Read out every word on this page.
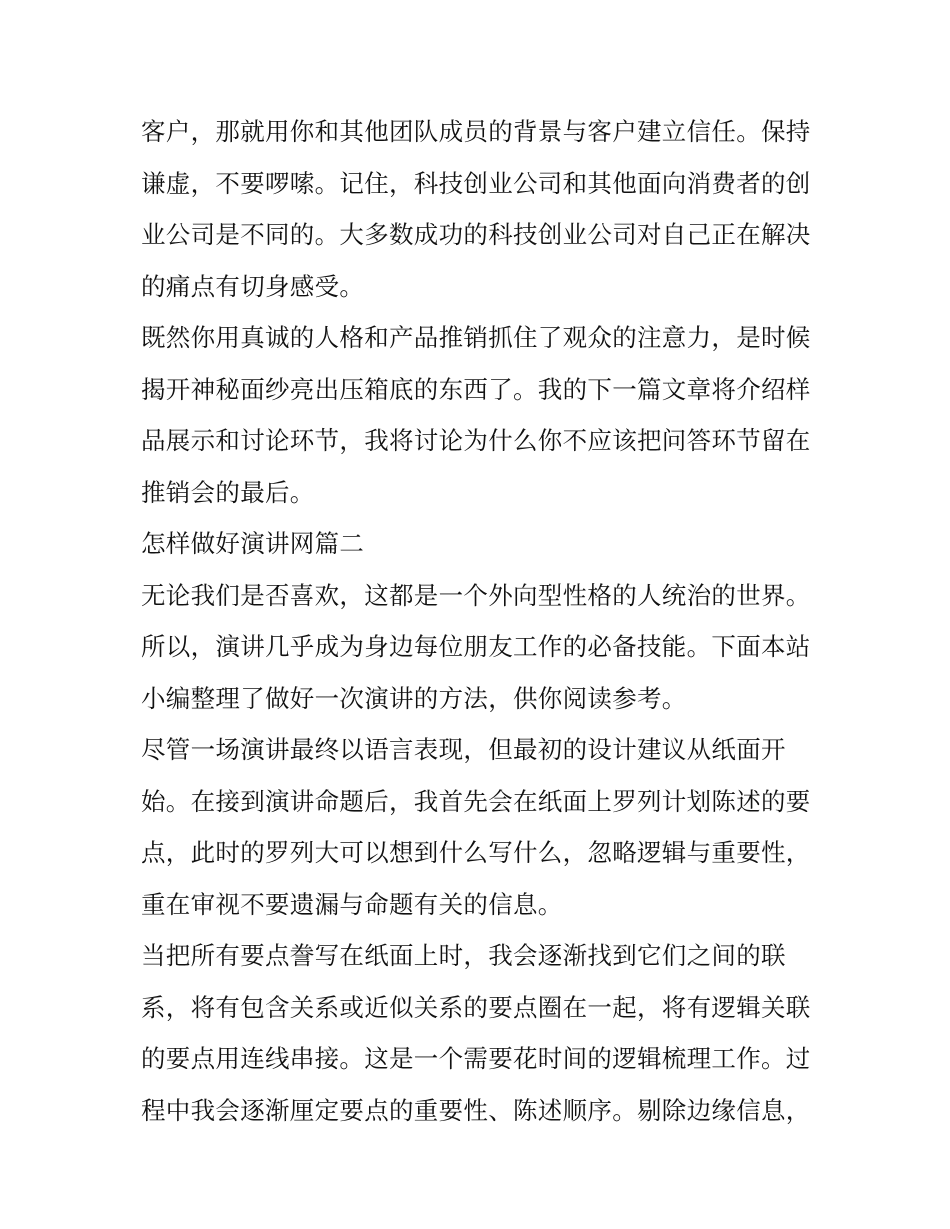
客户，那就用你和其他团队成员的背景与客户建立信任。保持
谦虚，不要啰嗦。记住，科技创业公司和其他面向消费者的创
业公司是不同的。大多数成功的科技创业公司对自己正在解决
的痛点有切身感受。
既然你用真诚的人格和产品推销抓住了观众的注意力，是时候
揭开神秘面纱亮出压箱底的东西了。我的下一篇文章将介绍样
品展示和讨论环节，我将讨论为什么你不应该把问答环节留在
推销会的最后。
怎样做好演讲网篇二
无论我们是否喜欢，这都是一个外向型性格的人统治的世界。
所以，演讲几乎成为身边每位朋友工作的必备技能。下面本站
小编整理了做好一次演讲的方法，供你阅读参考。
尽管一场演讲最终以语言表现，但最初的设计建议从纸面开
始。在接到演讲命题后，我首先会在纸面上罗列计划陈述的要
点，此时的罗列大可以想到什么写什么，忽略逻辑与重要性，
重在审视不要遗漏与命题有关的信息。
当把所有要点誊写在纸面上时，我会逐渐找到它们之间的联
系，将有包含关系或近似关系的要点圈在一起，将有逻辑关联
的要点用连线串接。这是一个需要花时间的逻辑梳理工作。过
程中我会逐渐厘定要点的重要性、陈述顺序。剔除边缘信息，
